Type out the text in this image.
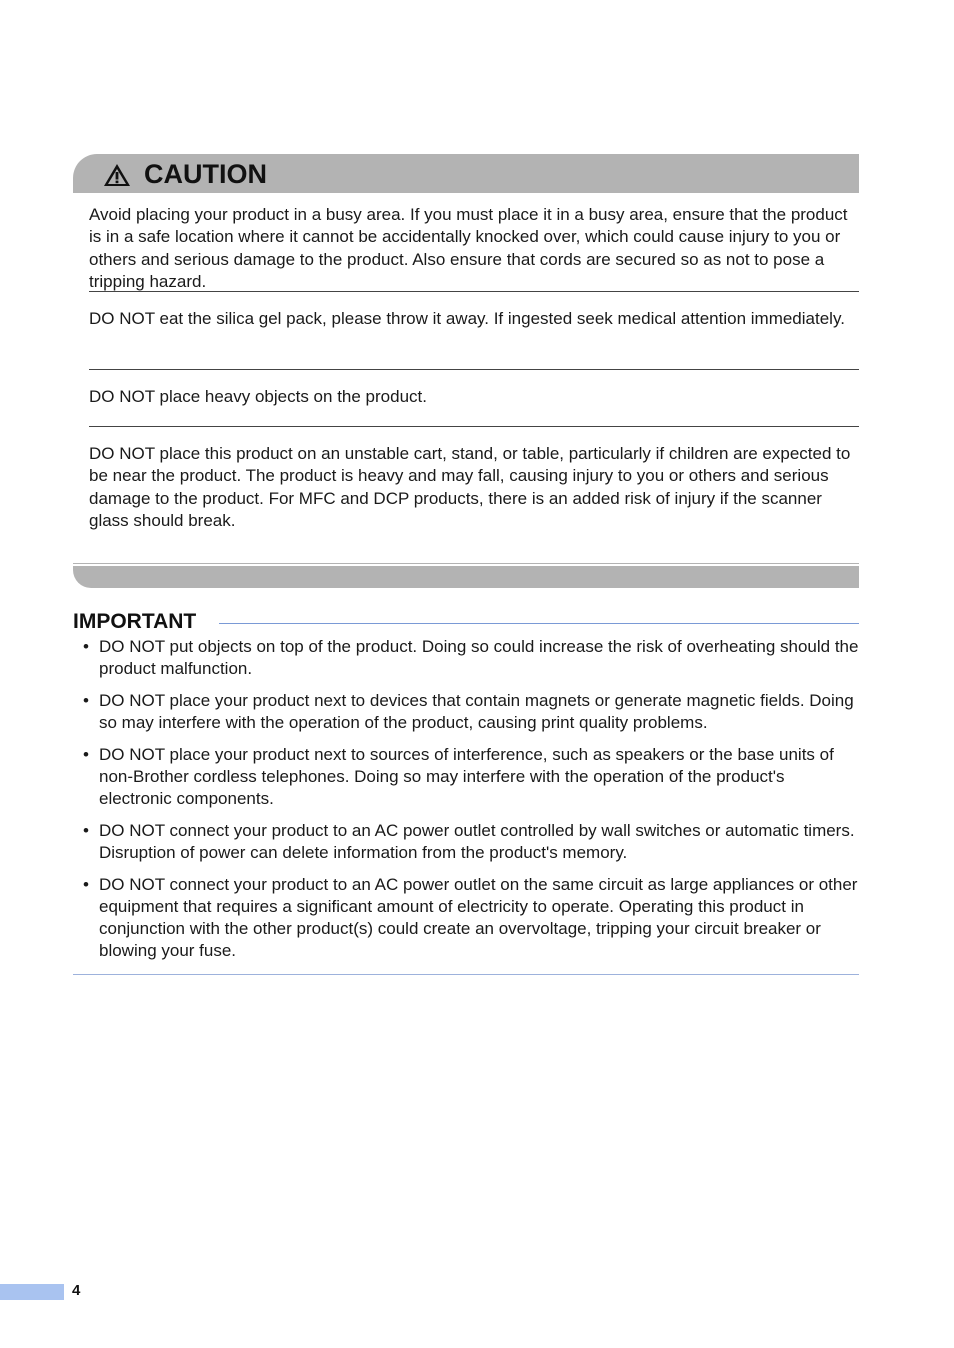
CAUTION
Avoid placing your product in a busy area. If you must place it in a busy area, ensure that the product is in a safe location where it cannot be accidentally knocked over, which could cause injury to you or others and serious damage to the product. Also ensure that cords are secured so as not to pose a tripping hazard.
DO NOT eat the silica gel pack, please throw it away. If ingested seek medical attention immediately.
DO NOT place heavy objects on the product.
DO NOT place this product on an unstable cart, stand, or table, particularly if children are expected to be near the product. The product is heavy and may fall, causing injury to you or others and serious damage to the product. For MFC and DCP products, there is an added risk of injury if the scanner glass should break.
IMPORTANT
• DO NOT put objects on top of the product. Doing so could increase the risk of overheating should the product malfunction.
• DO NOT place your product next to devices that contain magnets or generate magnetic fields. Doing so may interfere with the operation of the product, causing print quality problems.
• DO NOT place your product next to sources of interference, such as speakers or the base units of non-Brother cordless telephones. Doing so may interfere with the operation of the product's electronic components.
• DO NOT connect your product to an AC power outlet controlled by wall switches or automatic timers. Disruption of power can delete information from the product's memory.
• DO NOT connect your product to an AC power outlet on the same circuit as large appliances or other equipment that requires a significant amount of electricity to operate. Operating this product in conjunction with the other product(s) could create an overvoltage, tripping your circuit breaker or blowing your fuse.
4
